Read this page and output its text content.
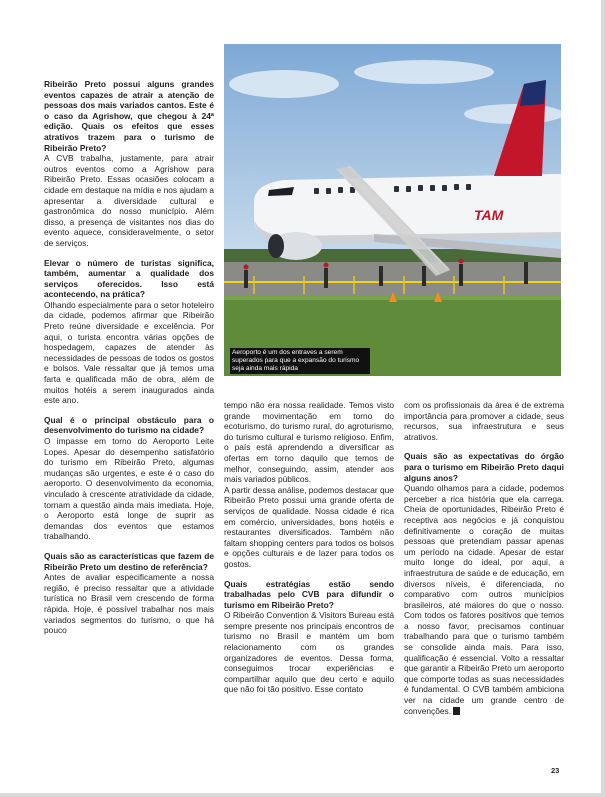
Ribeirão Preto possui alguns grandes eventos capazes de atrair a atenção de pessoas dos mais variados cantos. Este é o caso da Agrishow, que chegou à 24ª edição. Quais os efeitos que esses atrativos trazem para o turismo de Ribeirão Preto?

A CVB trabalha, justamente, para atrair outros eventos como a Agrishow para Ribeirão Preto. Essas ocasiões colocam a cidade em destaque na mídia e nos ajudam a apresentar a diversidade cultural e gastronômica do nosso município. Além disso, a presença de visitantes nos dias do evento aquece, consideravelmente, o setor de serviços.

Elevar o número de turistas significa, também, aumentar a qualidade dos serviços oferecidos. Isso está acontecendo, na prática?

Olhando especialmente para o setor hoteleiro da cidade, podemos afirmar que Ribeirão Preto reúne diversidade e excelência. Por aqui, o turista encontra várias opções de hospedagem, capazes de atender às necessidades de pessoas de todos os gostos e bolsos. Vale ressaltar que já temos uma farta e qualificada mão de obra, além de muitos hotéis a serem inaugurados ainda este ano.

Qual é o principal obstáculo para o desenvolvimento do turismo na cidade?

O impasse em torno do Aeroporto Leite Lopes. Apesar do desempenho satisfatório do turismo em Ribeirão Preto, algumas mudanças são urgentes, e este é o caso do aeroporto. O desenvolvimento da economia, vinculado à crescente atratividade da cidade, tornam a questão ainda mais imediata. Hoje, o Aeroporto está longe de suprir as demandas dos eventos que estamos trabalhando.

Quais são as características que fazem de Ribeirão Preto um destino de referência?

Antes de avaliar especificamente a nossa região, é preciso ressaltar que a atividade turística no Brasil vem crescendo de forma rápida. Hoje, é possível trabalhar nos mais variados segmentos do turismo, o que há pouco

TAM
Aeroporto é um dos entraves a serem superados para que a expansão do turismo seja ainda mais rápida

tempo não era nossa realidade. Temos visto grande movimentação em torno do ecoturismo, do turismo rural, do agroturismo, do turismo cultural e turismo religioso. Enfim, o país está aprendendo a diversificar as ofertas em torno daquilo que temos de melhor, conseguindo, assim, atender aos mais variados públicos.

A partir dessa análise, podemos destacar que Ribeirão Preto possui uma grande oferta de serviços de qualidade. Nossa cidade é rica em comércio, universidades, bons hotéis e restaurantes diversificados. Também não faltam shopping centers para todos os bolsos e opções culturais e de lazer para todos os gostos.

Quais estratégias estão sendo trabalhadas pelo CVB para difundir o turismo em Ribeirão Preto?

O Ribeirão Convention & Visitors Bureau está sempre presente nos principais encontros de turismo no Brasil e mantém um bom relacionamento com os grandes organizadores de eventos. Dessa forma, conseguimos trocar experiências e compartilhar aquilo que deu certo e aquilo que não foi tão positivo. Esse contato

com os profissionais da área é de extrema importância para promover a cidade, seus recursos, sua infraestrutura e seus atrativos.

Quais são as expectativas do órgão para o turismo em Ribeirão Preto daqui alguns anos?

Quando olhamos para a cidade, podemos perceber a rica história que ela carrega. Cheia de oportunidades, Ribeirão Preto é receptiva aos negócios e já conquistou definitivamente o coração de muitas pessoas que pretendiam passar apenas um período na cidade. Apesar de estar muito longe do ideal, por aqui, a infraestrutura de saúde e de educação, em diversos níveis, é diferenciada, no comparativo com outros municípios brasileiros, até maiores do que o nosso. Com todos os fatores positivos que temos a nosso favor, precisamos continuar trabalhando para que o turismo também se consolide ainda mais. Para isso, qualificação é essencial. Volto a ressaltar que garantir a Ribeirão Preto um aeroporto que comporte todas as suas necessidades é fundamental. O CVB também ambiciona ver na cidade um grande centro de convenções.

23
